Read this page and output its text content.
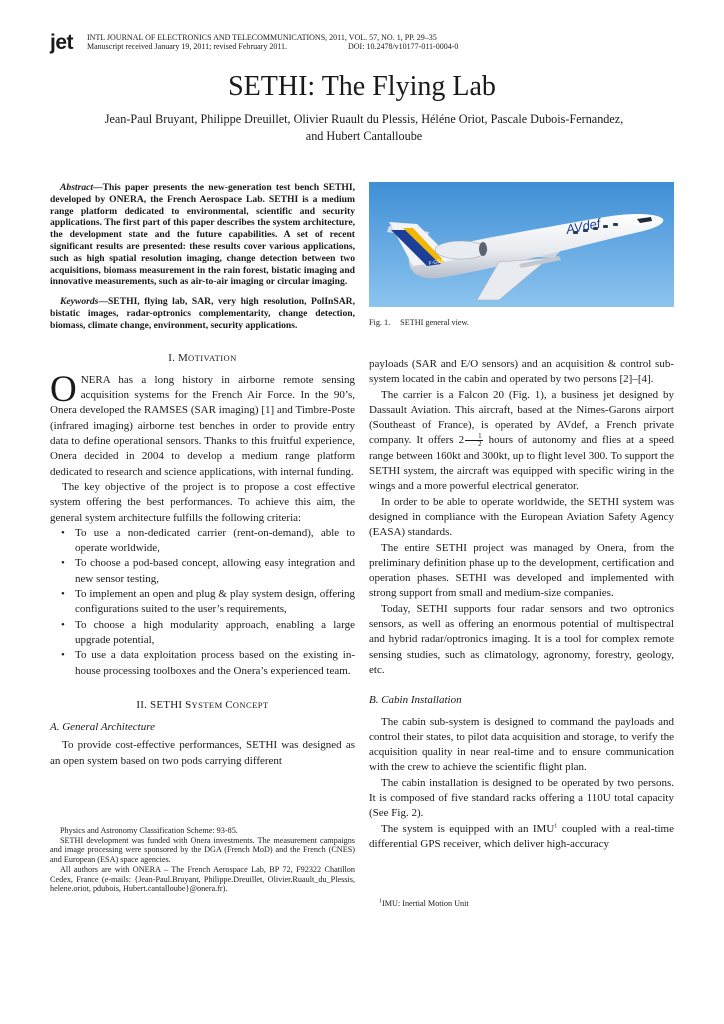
jet INTL JOURNAL OF ELECTRONICS AND TELECOMMUNICATIONS, 2011, VOL. 57, NO. 1, PP. 29–35
Manuscript received January 19, 2011; revised February 2011.	DOI: 10.2478/v10177-011-0004-0
SETHI: The Flying Lab
Jean-Paul Bruyant, Philippe Dreuillet, Olivier Ruault du Plessis, Héléne Oriot, Pascale Dubois-Fernandez,
and Hubert Cantalloube

Abstract—This paper presents the new-generation test bench SETHI, developed by ONERA, the French Aerospace Lab. SETHI is a medium range platform dedicated to environmental, scientific and security applications. The first part of this paper describes the system architecture, the development state and the future capabilities. A set of recent significant results are presented: these results cover various applications, such as high spatial resolution imaging, change detection between two acquisitions, biomass measurement in the rain forest, bistatic imaging and innovative measurements, such as air-to-air imaging or circular imaging.

Keywords—SETHI, flying lab, SAR, very high resolution, PolInSAR, bistatic images, radar-optronics complementarity, change detection, biomass, climate change, environment, security applications.

I. MOTIVATION

ONERA has a long history in airborne remote sensing acquisition systems for the French Air Force. In the 90’s, Onera developed the RAMSES (SAR imaging) [1] and Timbre-Poste (infrared imaging) airborne test benches in order to provide entry data to define operational sensors. Thanks to this fruitful experience, Onera decided in 2004 to develop a medium range platform dedicated to research and science applications, with internal funding.

The key objective of the project is to propose a cost effective system offering the best performances. To achieve this aim, the general system architecture fulfills the following criteria:

• To use a non-dedicated carrier (rent-on-demand), able to operate worldwide,
• To choose a pod-based concept, allowing easy integration and new sensor testing,
• To implement an open and plug & play system design, offering configurations suited to the user’s requirements,
• To choose a high modularity approach, enabling a large upgrade potential,
• To use a data exploitation process based on the existing in-house processing toolboxes and the Onera’s experienced team.
II. SETHI SYSTEM CONCEPT
A. General Architecture

To provide cost-effective performances, SETHI was designed as an open system based on two pods carrying different

Physics and Astronomy Classification Scheme: 93-85.

SETHI development was funded with Onera investments. The measurement campaigns and image processing were sponsored by the DGA (French MoD) and the French (CNES) and European (ESA) space agencies.

All authors are with ONERA – The French Aerospace Lab, BP 72, F92322 Chatillon Cedex, France (e-mails: {Jean-Paul.Bruyant, Philippe.Dreuillet, Olivier.Ruault_du_Plessis, helene.oriot, pdubois, Hubert.cantalloube}@onera.fr).

AVdef
F-GBAA
Fig. 1. SETHI general view.

payloads (SAR and E/O sensors) and an acquisition & control sub-system located in the cabin and operated by two persons [2]–[4].

The carrier is a Falcon 20 (Fig. 1), a business jet designed by Dassault Aviation. This aircraft, based at the Nimes-Garons airport (Southeast of France), is operated by AVdef, a French private company. It offers $2 \frac{1}{2}$ hours of autonomy and flies at a speed range between 160kt and 300kt, up to flight level 300. To support the SETHI system, the aircraft was equipped with specific wiring in the wings and a more powerful electrical generator.

In order to be able to operate worldwide, the SETHI system was designed in compliance with the European Aviation Safety Agency (EASA) standards.

The entire SETHI project was managed by Onera, from the preliminary definition phase up to the development, certification and operation phases. SETHI was developed and implemented with strong support from small and medium-size companies.

Today, SETHI supports four radar sensors and two optronics sensors, as well as offering an enormous potential of multispectral and hybrid radar/optronics imaging. It is a tool for complex remote sensing studies, such as climatology, agronomy, forestry, geology, etc.

B. Cabin Installation

The cabin sub-system is designed to command the payloads and control their states, to pilot data acquisition and storage, to verify the acquisition quality in near real-time and to ensure communication with the crew to achieve the scientific flight plan.

The cabin installation is designed to be operated by two persons. It is composed of five standard racks offering a 110U total capacity (See Fig. 2).

The system is equipped with an IMU$^1$ coupled with a real-time differential GPS receiver, which deliver high-accuracy

$^1$IMU: Inertial Motion Unit
